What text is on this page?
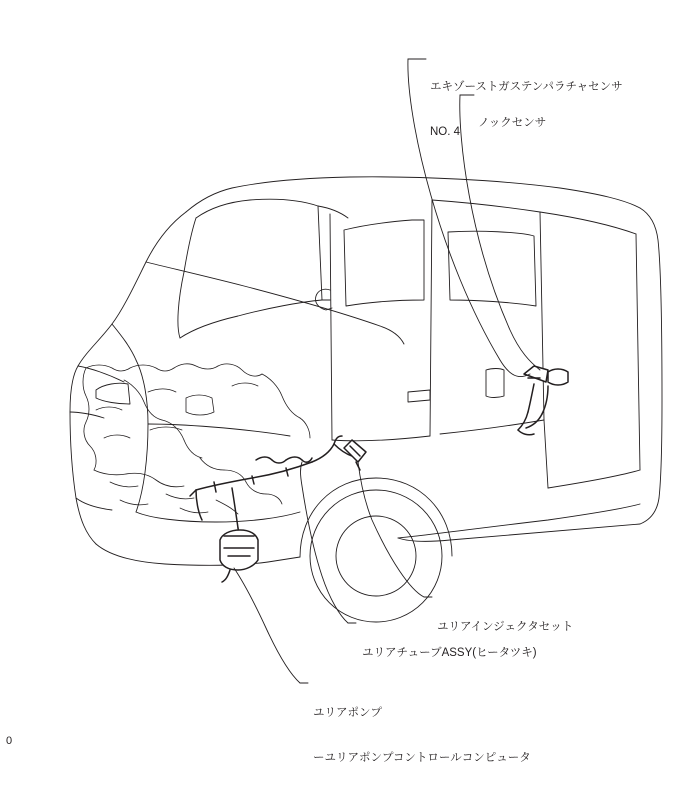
エキゾーストガステンパラチャセンサ

NO. 4

ノックセンサ

ユリアインジェクタセット

ユリアチューブASSY(ヒータツキ)

ユリアポンプ

ーユリアポンプコントロールコンピュータ

0
